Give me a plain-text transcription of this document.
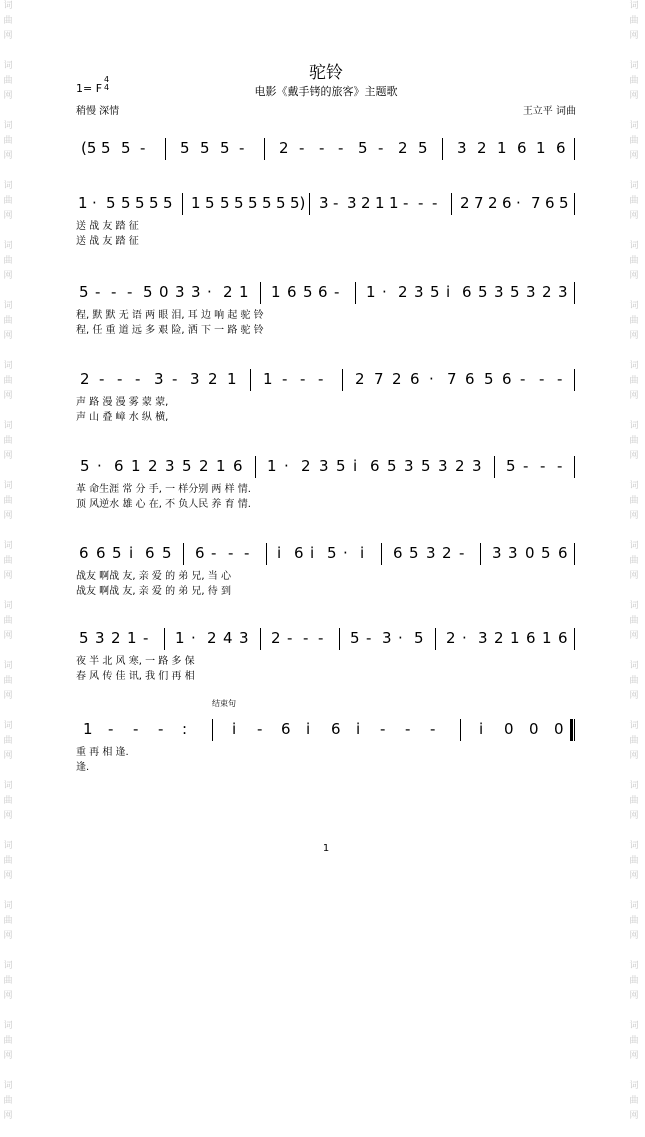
词
曲
网

词
曲
网

词
曲
网

词
曲
网

词
曲
网

词
曲
网

词
曲
网

词
曲
网

词
曲
网

词
曲
网

词
曲
网

词
曲
网

词
曲
网

词
曲
网

词
曲
网

词
曲
网

词
曲
网

词
曲
网

词
曲
网

词
曲
网

词
曲
网

词
曲
网

词
曲
网

词
曲
网

词
曲
网

词
曲
网

词
曲
网

词
曲
网

词
曲
网

词
曲
网

词
曲
网

词
曲
网

词
曲
网

词
曲
网

词
曲
网

词
曲
网

词
曲
网

词
曲
网

驼铃
1= F
4
4	电影《戴手铐的旅客》主题歌
稍慢 深情	王立平 词曲
(5 5 5 - 5 5 5 - 2 - - - 5 - 2 5 3 2 1 6 1 6
1 · 5 5 5 5 5 1 5 5 5 5 5 5 5) 3 - 3 2 1 1 - - - 2 7 2 6 · 7 6 5
送 战 友 踏 征
送 战 友 踏 征
5 - - - 5 0 3 3 · 2 1 1 6 5 6 - 1 · 2 3 5 i 6 5 3 5 3 2 3
程, 默 默 无 语 两 眼 泪, 耳 边 响 起 驼 铃
程, 任 重 道 远 多 艰 险, 洒 下 一 路 驼 铃
2 - - - 3 - 3 2 1 1 - - - 2 7 2 6 · 7 6 5 6 - - -
声 路 漫 漫 雾 蒙 蒙,
声 山 叠 嶂 水 纵 横,
5 · 6 1 2 3 5 2 1 6 1 · 2 3 5 i 6 5 3 5 3 2 3 5 - - -
革 命生涯 常 分 手, 一 样分别 两 样 情.
顶 风逆水 雄 心 在, 不 负人民 养 育 情.
6 6 5 i 6 5 6 - - - i 6 i 5 · i 6 5 3 2 - 3 3 0 5 6
战友 啊战 友, 亲 爱 的 弟 兄, 当 心
战友 啊战 友, 亲 爱 的 弟 兄, 待 到
5 3 2 1 - 1 · 2 4 3 2 - - - 5 - 3 · 5 2 · 3 2 1 6 1 6
夜 半 北 风 寒, 一 路 多 保
春 风 传 佳 讯, 我 们 再 相
1 - - - :	i - 6 i 6 i - - -	i 0 0 0
重 再 相 逢.
逢.
结束句
1
